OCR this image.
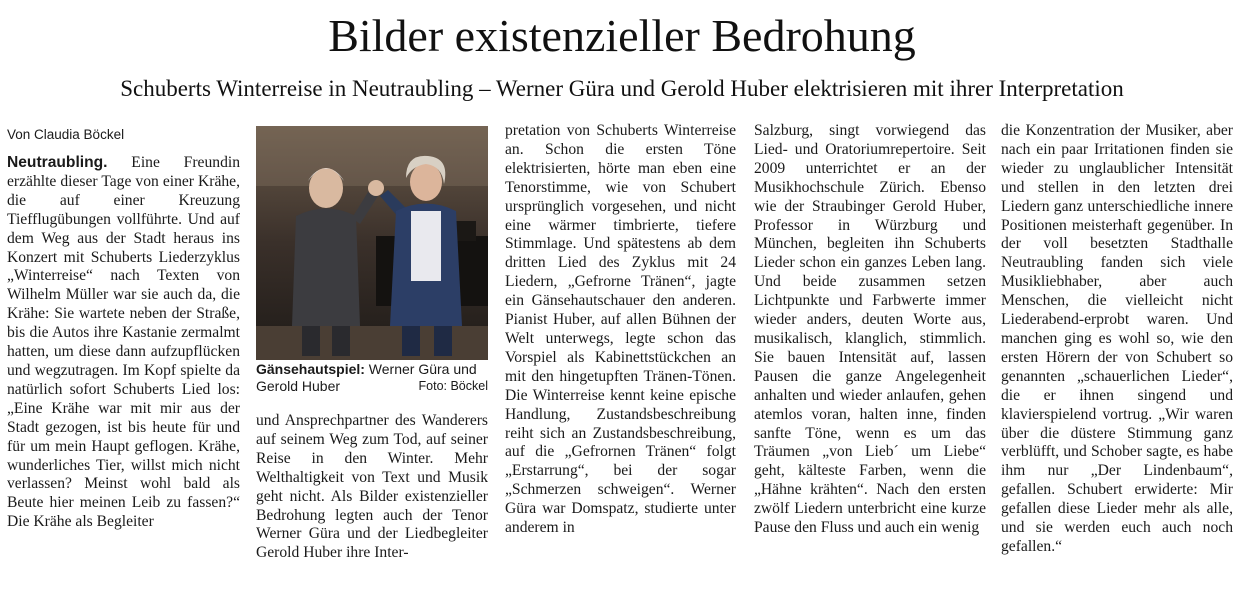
Bilder existenzieller Bedrohung
Schuberts Winterreise in Neutraubling – Werner Güra und Gerold Huber elektrisieren mit ihrer Interpretation

Von Claudia Böckel

Neutraubling. Eine Freundin erzählte dieser Tage von einer Krähe, die auf einer Kreuzung Tiefflugübungen vollführte. Und auf dem Weg aus der Stadt heraus ins Konzert mit Schuberts Liederzyklus „Winterreise“ nach Texten von Wilhelm Müller war sie auch da, die Krähe: Sie wartete neben der Straße, bis die Autos ihre Kastanie zermalmt hatten, um diese dann aufzupflücken und wegzutragen. Im Kopf spielte da natürlich sofort Schuberts Lied los: „Eine Krähe war mit mir aus der Stadt gezogen, ist bis heute für und für um mein Haupt geflogen. Krähe, wunderliches Tier, willst mich nicht verlassen? Meinst wohl bald als Beute hier meinen Leib zu fassen?“ Die Krähe als Begleiter

Gänsehautspiel: Werner Güra und Gerold Huber	Foto: Böckel

und Ansprechpartner des Wanderers auf seinem Weg zum Tod, auf seiner Reise in den Winter. Mehr Welthaltigkeit von Text und Musik geht nicht. Als Bilder existenzieller Bedrohung legten auch der Tenor Werner Güra und der Liedbegleiter Gerold Huber ihre Inter-

pretation von Schuberts Winterreise an. Schon die ersten Töne elektrisierten, hörte man eben eine Tenorstimme, wie von Schubert ursprünglich vorgesehen, und nicht eine wärmer timbrierte, tiefere Stimmlage. Und spätestens ab dem dritten Lied des Zyklus mit 24 Liedern, „Gefrorne Tränen“, jagte ein Gänsehautschauer den anderen. Pianist Huber, auf allen Bühnen der Welt unterwegs, legte schon das Vorspiel als Kabinettstückchen an mit den hingetupften Tränen-Tönen. Die Winterreise kennt keine epische Handlung, Zustandsbeschreibung reiht sich an Zustandsbeschreibung, auf die „Gefrornen Tränen“ folgt „Erstarrung“, bei der sogar „Schmerzen schweigen“. Werner Güra war Domspatz, studierte unter anderem in

Salzburg, singt vorwiegend das Lied- und Oratoriumrepertoire. Seit 2009 unterrichtet er an der Musikhochschule Zürich. Ebenso wie der Straubinger Gerold Huber, Professor in Würzburg und München, begleiten ihn Schuberts Lieder schon ein ganzes Leben lang. Und beide zusammen setzen Lichtpunkte und Farbwerte immer wieder anders, deuten Worte aus, musikalisch, klanglich, stimmlich. Sie bauen Intensität auf, lassen Pausen die ganze Angelegenheit anhalten und wieder anlaufen, gehen atemlos voran, halten inne, finden sanfte Töne, wenn es um das Träumen „von Lieb´ um Liebe“ geht, kälteste Farben, wenn die „Hähne krähten“. Nach den ersten zwölf Liedern unterbricht eine kurze Pause den Fluss und auch ein wenig

die Konzentration der Musiker, aber nach ein paar Irritationen finden sie wieder zu unglaublicher Intensität und stellen in den letzten drei Liedern ganz unterschiedliche innere Positionen meisterhaft gegenüber. In der voll besetzten Stadthalle Neutraubling fanden sich viele Musikliebhaber, aber auch Menschen, die vielleicht nicht Liederabend-erprobt waren. Und manchen ging es wohl so, wie den ersten Hörern der von Schubert so genannten „schauerlichen Lieder“, die er ihnen singend und klavierspielend vortrug. „Wir waren über die düstere Stimmung ganz verblüfft, und Schober sagte, es habe ihm nur „Der Lindenbaum“, gefallen. Schubert erwiderte: Mir gefallen diese Lieder mehr als alle, und sie werden euch auch noch gefallen.“
